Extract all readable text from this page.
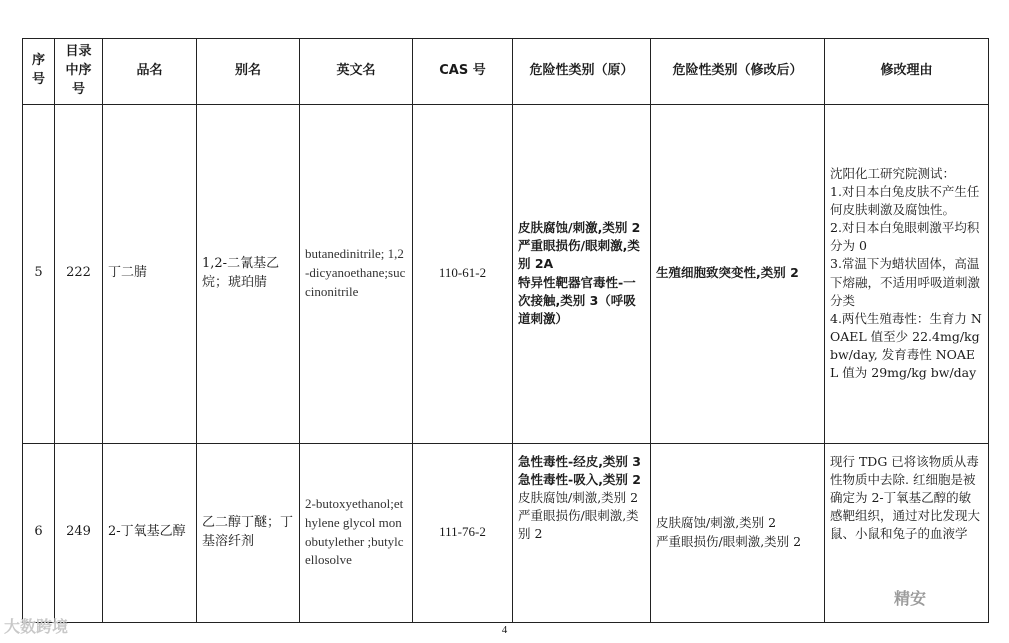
序号	目录中序号	品名	别名	英文名	CAS 号	危险性类别（原）	危险性类别（修改后）	修改理由
5	222	丁二腈	1,2-二氰基乙烷；琥珀腈	butanedinitrile; 1,2-dicyanoethane;succinonitrile	110-61-2	皮肤腐蚀/刺激,类别 2
严重眼损伤/眼刺激,类别 2A
特异性靶器官毒性-一次接触,类别 3（呼吸道刺激）	生殖细胞致突变性,类别 2	沈阳化工研究院测试：
1.对日本白兔皮肤不产生任何皮肤刺激及腐蚀性。
2.对日本白兔眼刺激平均积分为 0
3.常温下为蜡状固体，高温下熔融，不适用呼吸道刺激分类
4.两代生殖毒性：生育力 NOAEL 值至少 22.4mg/kg bw/day, 发育毒性 NOAEL 值为 29mg/kg bw/day

6	249	2-丁氧基乙醇	乙二醇丁醚；丁基溶纤剂	2-butoxyethanol;ethylene glycol monobutylether ;butylcellosolve	111-76-2	急性毒性-经皮,类别 3
急性毒性-吸入,类别 2
皮肤腐蚀/刺激,类别 2
严重眼损伤/眼刺激,类别 2	皮肤腐蚀/刺激,类别 2
严重眼损伤/眼刺激,类别 2	现行 TDG 已将该物质从毒性物质中去除. 红细胞是被确定为 2-丁氧基乙醇的敏感靶组织，通过对比发现大鼠、小鼠和兔子的血液学
大数跨境
精安
4
